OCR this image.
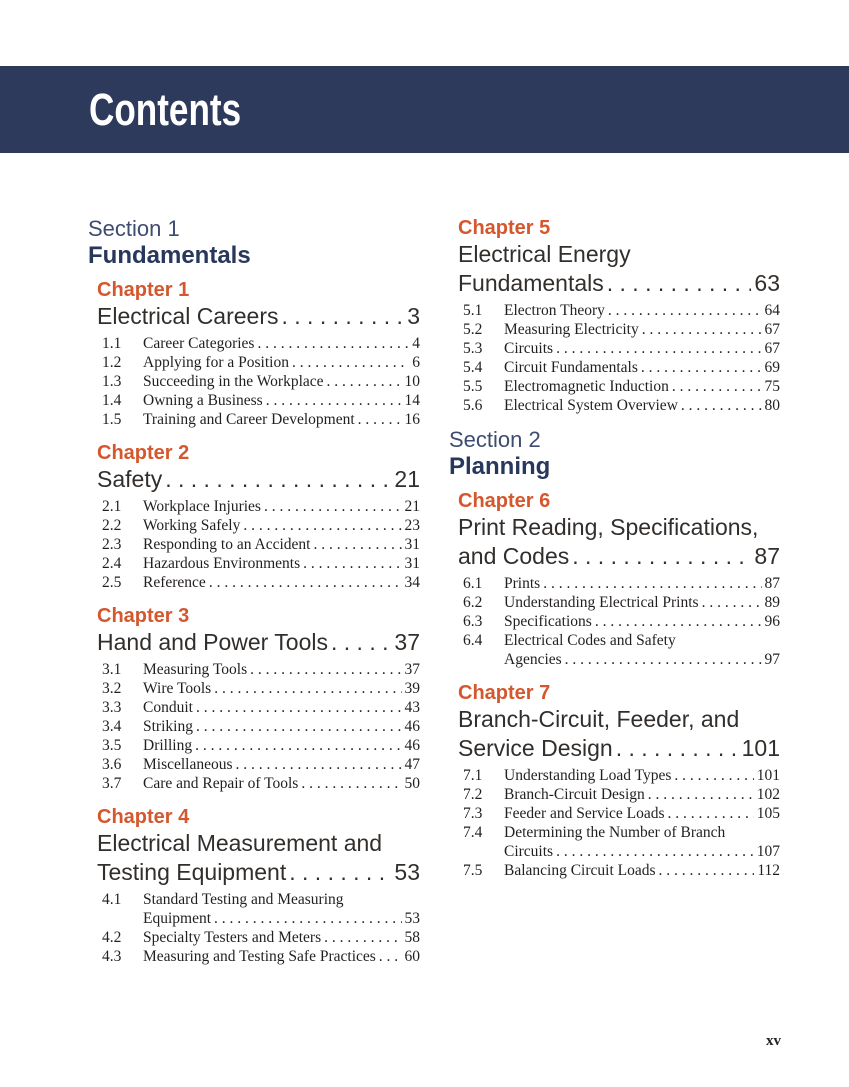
Contents
Section 1
Fundamentals
Chapter 1
Electrical Careers . . .	3
1.1	Career Categories . . .	4
1.2	Applying for a Position . . .	6
1.3	Succeeding in the Workplace . . .	10
1.4	Owning a Business . . .	14
1.5	Training and Career Development . . .	16
Chapter 2
Safety . . .	21
2.1	Workplace Injuries . . .	21
2.2	Working Safely . . .	23
2.3	Responding to an Accident . . .	31
2.4	Hazardous Environments . . .	31
2.5	Reference . . .	34
Chapter 3
Hand and Power Tools . . .	37
3.1	Measuring Tools . . .	37
3.2	Wire Tools . . .	39
3.3	Conduit . . .	43
3.4	Striking . . .	46
3.5	Drilling . . .	46
3.6	Miscellaneous . . .	47
3.7	Care and Repair of Tools . . .	50
Chapter 4
Electrical Measurement and
Testing Equipment . . .	53
4.1	Standard Testing and Measuring
Equipment . . .	53
4.2	Specialty Testers and Meters . . .	58
4.3	Measuring and Testing Safe Practices . . . 60
Chapter 5
Electrical Energy
Fundamentals . . .	63
5.1	Electron Theory . . .	64
5.2	Measuring Electricity . . .	67
5.3	Circuits . . .	67
5.4	Circuit Fundamentals . . .	69
5.5	Electromagnetic Induction . . .	75
5.6	Electrical System Overview . . .	80
Section 2
Planning
Chapter 6
Print Reading, Specifications,
and Codes . . .	87
6.1	Prints . . .	87
6.2	Understanding Electrical Prints . . .	89
6.3	Specifications . . .	96
6.4	Electrical Codes and Safety
Agencies . . .	97
Chapter 7
Branch-Circuit, Feeder, and
Service Design . . .	101
7.1	Understanding Load Types . . .	101
7.2	Branch-Circuit Design . . .	102
7.3	Feeder and Service Loads . . .	105
7.4	Determining the Number of Branch
Circuits . . .	107
7.5	Balancing Circuit Loads . . .	112
xv
